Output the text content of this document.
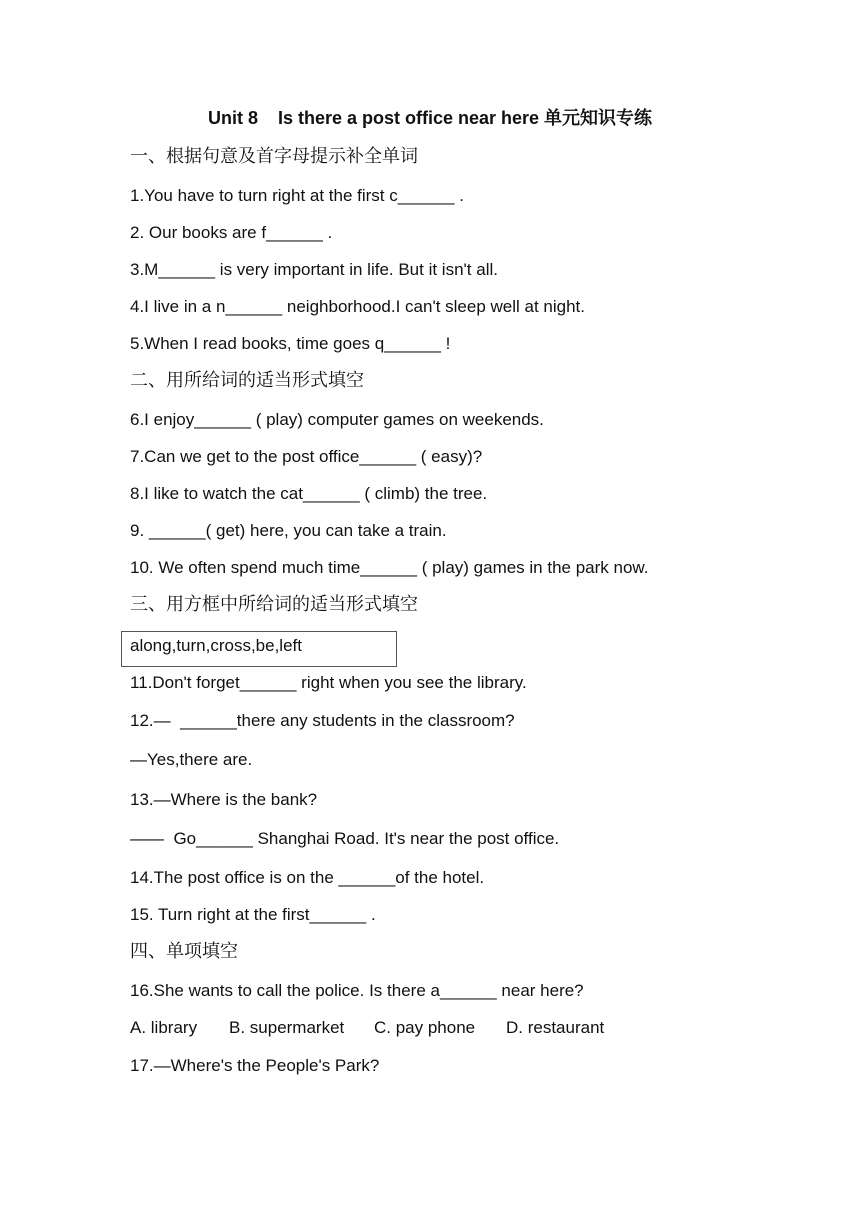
Unit 8    Is there a post office near here 单元知识专练
一、根据句意及首字母提示补全单词
1.You have to turn right at the first c______ .
2. Our books are f______ .
3.M______ is very important in life. But it isn't all.
4.I live in a n______ neighborhood.I can't sleep well at night.
5.When I read books, time goes q______ !
二、用所给词的适当形式填空
6.I enjoy______ ( play) computer games on weekends.
7.Can we get to the post office______ ( easy)?
8.I like to watch the cat______ ( climb) the tree.
9. ______( get) here, you can take a train.
10. We often spend much time______ ( play) games in the park now.
三、用方框中所给词的适当形式填空
along,turn,cross,be,left
11.Don't forget______ right when you see the library.
12.—  ______there any students in the classroom?
—Yes,there are.
13.—Where is the bank?
——  Go______ Shanghai Road. It's near the post office.
14.The post office is on the ______of the hotel.
15. Turn right at the first______ .
四、单项填空
16.She wants to call the police. Is there a______ near here?
A. library B. supermarket C. pay phone D. restaurant
17.—Where's the People's Park?
